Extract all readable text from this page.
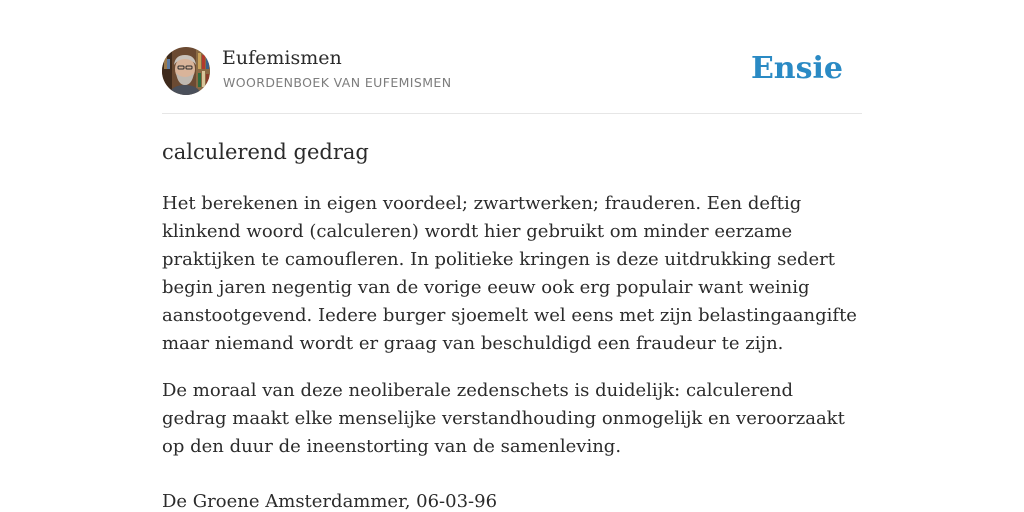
Eufemismen
WOORDENBOEK VAN EUFEMISMEN	Ensie
calculerend gedrag

Het berekenen in eigen voordeel; zwartwerken; frauderen. Een deftig klinkend woord (calculeren) wordt hier gebruikt om minder eerzame praktijken te camoufleren. In politieke kringen is deze uitdrukking sedert begin jaren negentig van de vorige eeuw ook erg populair want weinig aanstootgevend. Iedere burger sjoemelt wel eens met zijn belastingaangifte maar niemand wordt er graag van beschuldigd een fraudeur te zijn.

De moraal van deze neoliberale zedenschets is duidelijk: calculerend gedrag maakt elke menselijke verstandhouding onmogelijk en veroorzaakt op den duur de ineenstorting van de samenleving.

De Groene Amsterdammer, 06-03-96
